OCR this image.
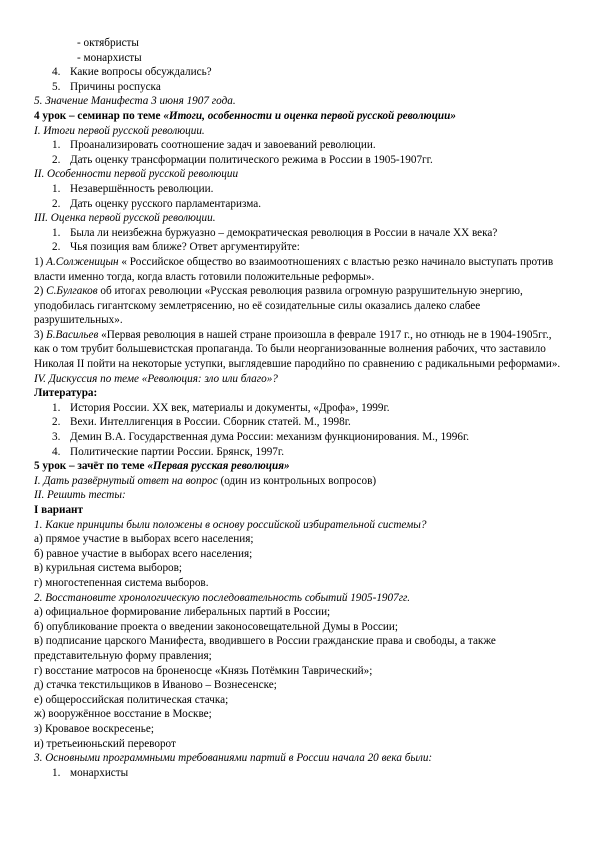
- октябристы

- монархисты

4. Какие вопросы обсуждались?

5. Причины роспуска

5. Значение Манифеста 3 июня 1907 года.

4 урок – семинар по теме «Итоги, особенности и оценка первой русской революции»

I. Итоги первой русской революции.

1. Проанализировать соотношение задач и завоеваний революции.

2. Дать оценку трансформации политического режима в России в 1905-1907гг.

II. Особенности первой русской революции

1. Незавершённость революции.

2. Дать оценку русского парламентаризма.

III. Оценка первой русской революции.

1. Была ли неизбежна буржуазно – демократическая революция в России в начале ХХ века?

2. Чья позиция вам ближе? Ответ аргументируйте:

1) А.Солженицын « Российское общество во взаимоотношениях с властью резко начинало выступать против власти именно тогда, когда власть готовили положительные реформы».

2) С.Булгаков об итогах революции «Русская революция развила огромную разрушительную энергию, уподобилась гигантскому землетрясению, но её созидательные силы оказались далеко слабее разрушительных».

3) Б.Васильев «Первая революция в нашей стране произошла в феврале 1917 г., но отнюдь не в 1904-1905гг., как о том трубит большевистская пропаганда. То были неорганизованные волнения рабочих, что заставило Николая II пойти на некоторые уступки, выглядевшие пародийно по сравнению с радикальными реформами».

IV. Дискуссия по теме «Революция: зло или благо»?

Литература:

1. История России. ХХ век, материалы и документы, «Дрофа», 1999г.

2. Вехи. Интеллигенция в России. Сборник статей. М., 1998г.

3. Демин В.А. Государственная дума России: механизм функционирования. М., 1996г.

4. Политические партии России. Брянск, 1997г.

5 урок – зачёт по теме «Первая русская революция»

I. Дать развёрнутый ответ на вопрос (один из контрольных вопросов)

II. Решить тесты:

I вариант

1. Какие принципы были положены в основу российской избирательной системы?

а) прямое участие в выборах всего населения;

б) равное участие в выборах всего населения;

в) курильная система выборов;

г) многостепенная система выборов.

2. Восстановите хронологическую последовательность событий 1905-1907гг.

а) официальное формирование либеральных партий в России;

б) опубликование проекта о введении законосовещательной Думы в России;

в) подписание царского Манифеста, вводившего в России гражданские права и свободы, а также представительную форму правления;

г) восстание матросов на броненосце «Князь Потёмкин Таврический»;

д) стачка текстильщиков в Иваново – Вознесенске;

е) общероссийская политическая стачка;

ж) вооружённое восстание в Москве;

з) Кровавое воскресенье;

и) третьеиюньский переворот

3. Основными программными требованиями партий в России начала 20 века были:

1. монархисты
